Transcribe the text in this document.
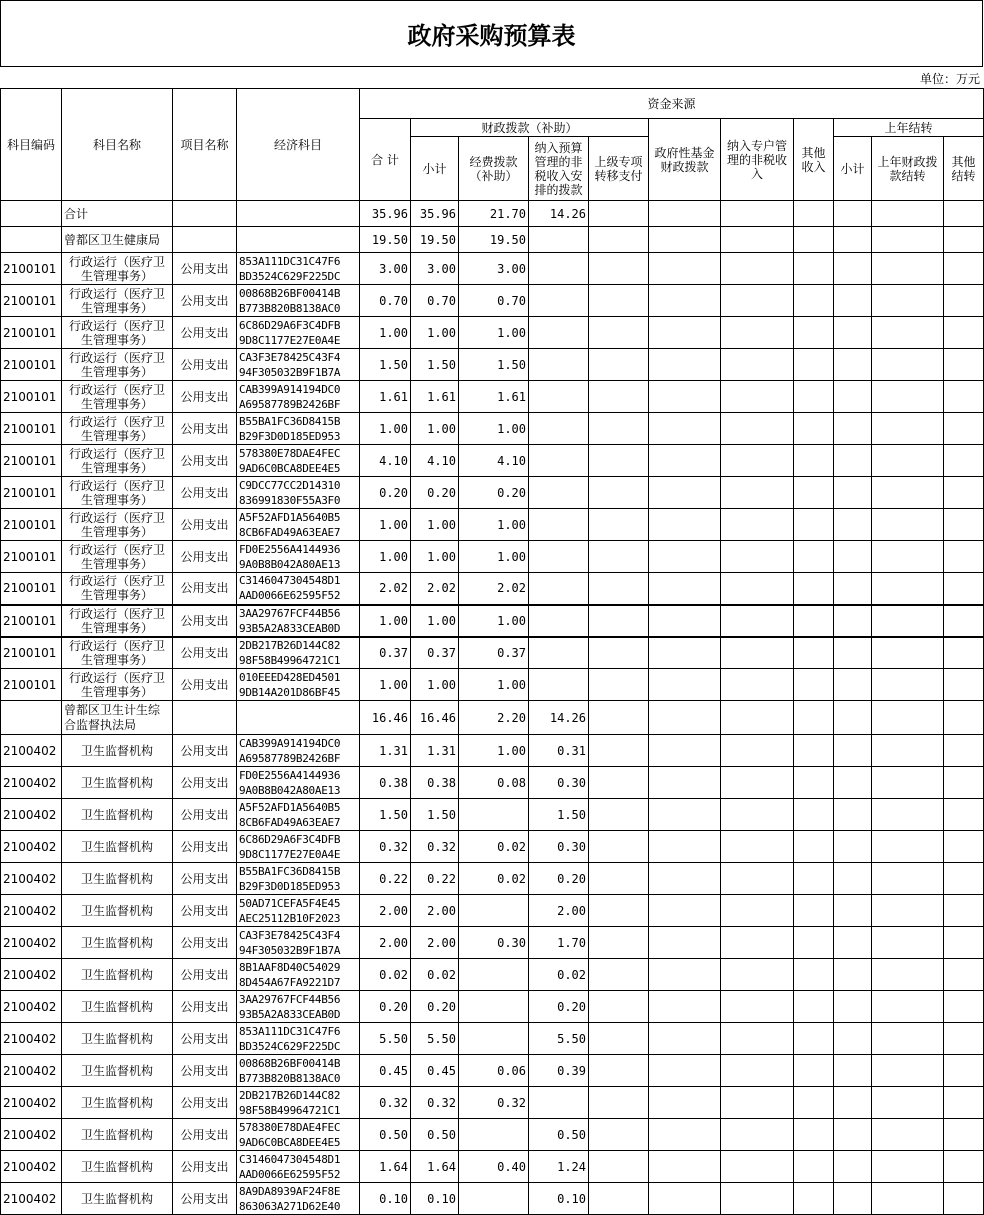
政府采购预算表
单位：万元
科目编码	科目名称	项目名称	经济科目	资金来源										
				合 计	财政拨款（补助）				政府性基金财政拨款	纳入专户管理的非税收入	其他收入	上年结转		
					小计	经费拨款（补助）	纳入预算管理的非税收入安排的拨款	上级专项转移支付				小计	上年财政拨款结转	其他结转
	合计			35.96	35.96	21.70	14.26							
	曾都区卫生健康局			19.50	19.50	19.50								
2100101	行政运行（医疗卫生管理事务）	公用支出	853A111DC31C47F6
BD3524C629F225DC	3.00	3.00	3.00								
2100101	行政运行（医疗卫生管理事务）	公用支出	00868B26BF00414B
B773B820B8138AC0	0.70	0.70	0.70								
2100101	行政运行（医疗卫生管理事务）	公用支出	6C86D29A6F3C4DFB
9D8C1177E27E0A4E	1.00	1.00	1.00								
2100101	行政运行（医疗卫生管理事务）	公用支出	CA3F3E78425C43F4
94F305032B9F1B7A	1.50	1.50	1.50								
2100101	行政运行（医疗卫生管理事务）	公用支出	CAB399A914194DC0
A69587789B2426BF	1.61	1.61	1.61								
2100101	行政运行（医疗卫生管理事务）	公用支出	B55BA1FC36D8415B
B29F3D0D185ED953	1.00	1.00	1.00								
2100101	行政运行（医疗卫生管理事务）	公用支出	578380E78DAE4FEC
9AD6C0BCA8DEE4E5	4.10	4.10	4.10								
2100101	行政运行（医疗卫生管理事务）	公用支出	C9DCC77CC2D14310
836991830F55A3F0	0.20	0.20	0.20								
2100101	行政运行（医疗卫生管理事务）	公用支出	A5F52AFD1A5640B5
8CB6FAD49A63EAE7	1.00	1.00	1.00								
2100101	行政运行（医疗卫生管理事务）	公用支出	FD0E2556A4144936
9A0B8B042A80AE13	1.00	1.00	1.00								
2100101	行政运行（医疗卫生管理事务）	公用支出	C3146047304548D1
AAD0066E62595F52	2.02	2.02	2.02								
2100101	行政运行（医疗卫生管理事务）	公用支出	3AA29767FCF44B56
93B5A2A833CEAB0D	1.00	1.00	1.00								
2100101	行政运行（医疗卫生管理事务）	公用支出	2DB217B26D144C82
98F58B49964721C1	0.37	0.37	0.37								
2100101	行政运行（医疗卫生管理事务）	公用支出	010EEED428ED4501
9DB14A201D86BF45	1.00	1.00	1.00								
	曾都区卫生计生综合监督执法局			16.46	16.46	2.20	14.26							
2100402	卫生监督机构	公用支出	CAB399A914194DC0
A69587789B2426BF	1.31	1.31	1.00	0.31							
2100402	卫生监督机构	公用支出	FD0E2556A4144936
9A0B8B042A80AE13	0.38	0.38	0.08	0.30							
2100402	卫生监督机构	公用支出	A5F52AFD1A5640B5
8CB6FAD49A63EAE7	1.50	1.50		1.50							
2100402	卫生监督机构	公用支出	6C86D29A6F3C4DFB
9D8C1177E27E0A4E	0.32	0.32	0.02	0.30							
2100402	卫生监督机构	公用支出	B55BA1FC36D8415B
B29F3D0D185ED953	0.22	0.22	0.02	0.20							
2100402	卫生监督机构	公用支出	50AD71CEFA5F4E45
AEC25112B10F2023	2.00	2.00		2.00							
2100402	卫生监督机构	公用支出	CA3F3E78425C43F4
94F305032B9F1B7A	2.00	2.00	0.30	1.70							
2100402	卫生监督机构	公用支出	8B1AAF8D40C54029
8D454A67FA9221D7	0.02	0.02		0.02							
2100402	卫生监督机构	公用支出	3AA29767FCF44B56
93B5A2A833CEAB0D	0.20	0.20		0.20							
2100402	卫生监督机构	公用支出	853A111DC31C47F6
BD3524C629F225DC	5.50	5.50		5.50							
2100402	卫生监督机构	公用支出	00868B26BF00414B
B773B820B8138AC0	0.45	0.45	0.06	0.39							
2100402	卫生监督机构	公用支出	2DB217B26D144C82
98F58B49964721C1	0.32	0.32	0.32								
2100402	卫生监督机构	公用支出	578380E78DAE4FEC
9AD6C0BCA8DEE4E5	0.50	0.50		0.50							
2100402	卫生监督机构	公用支出	C3146047304548D1
AAD0066E62595F52	1.64	1.64	0.40	1.24							
2100402	卫生监督机构	公用支出	8A9DA8939AF24F8E
863063A271D62E40	0.10	0.10		0.10							
